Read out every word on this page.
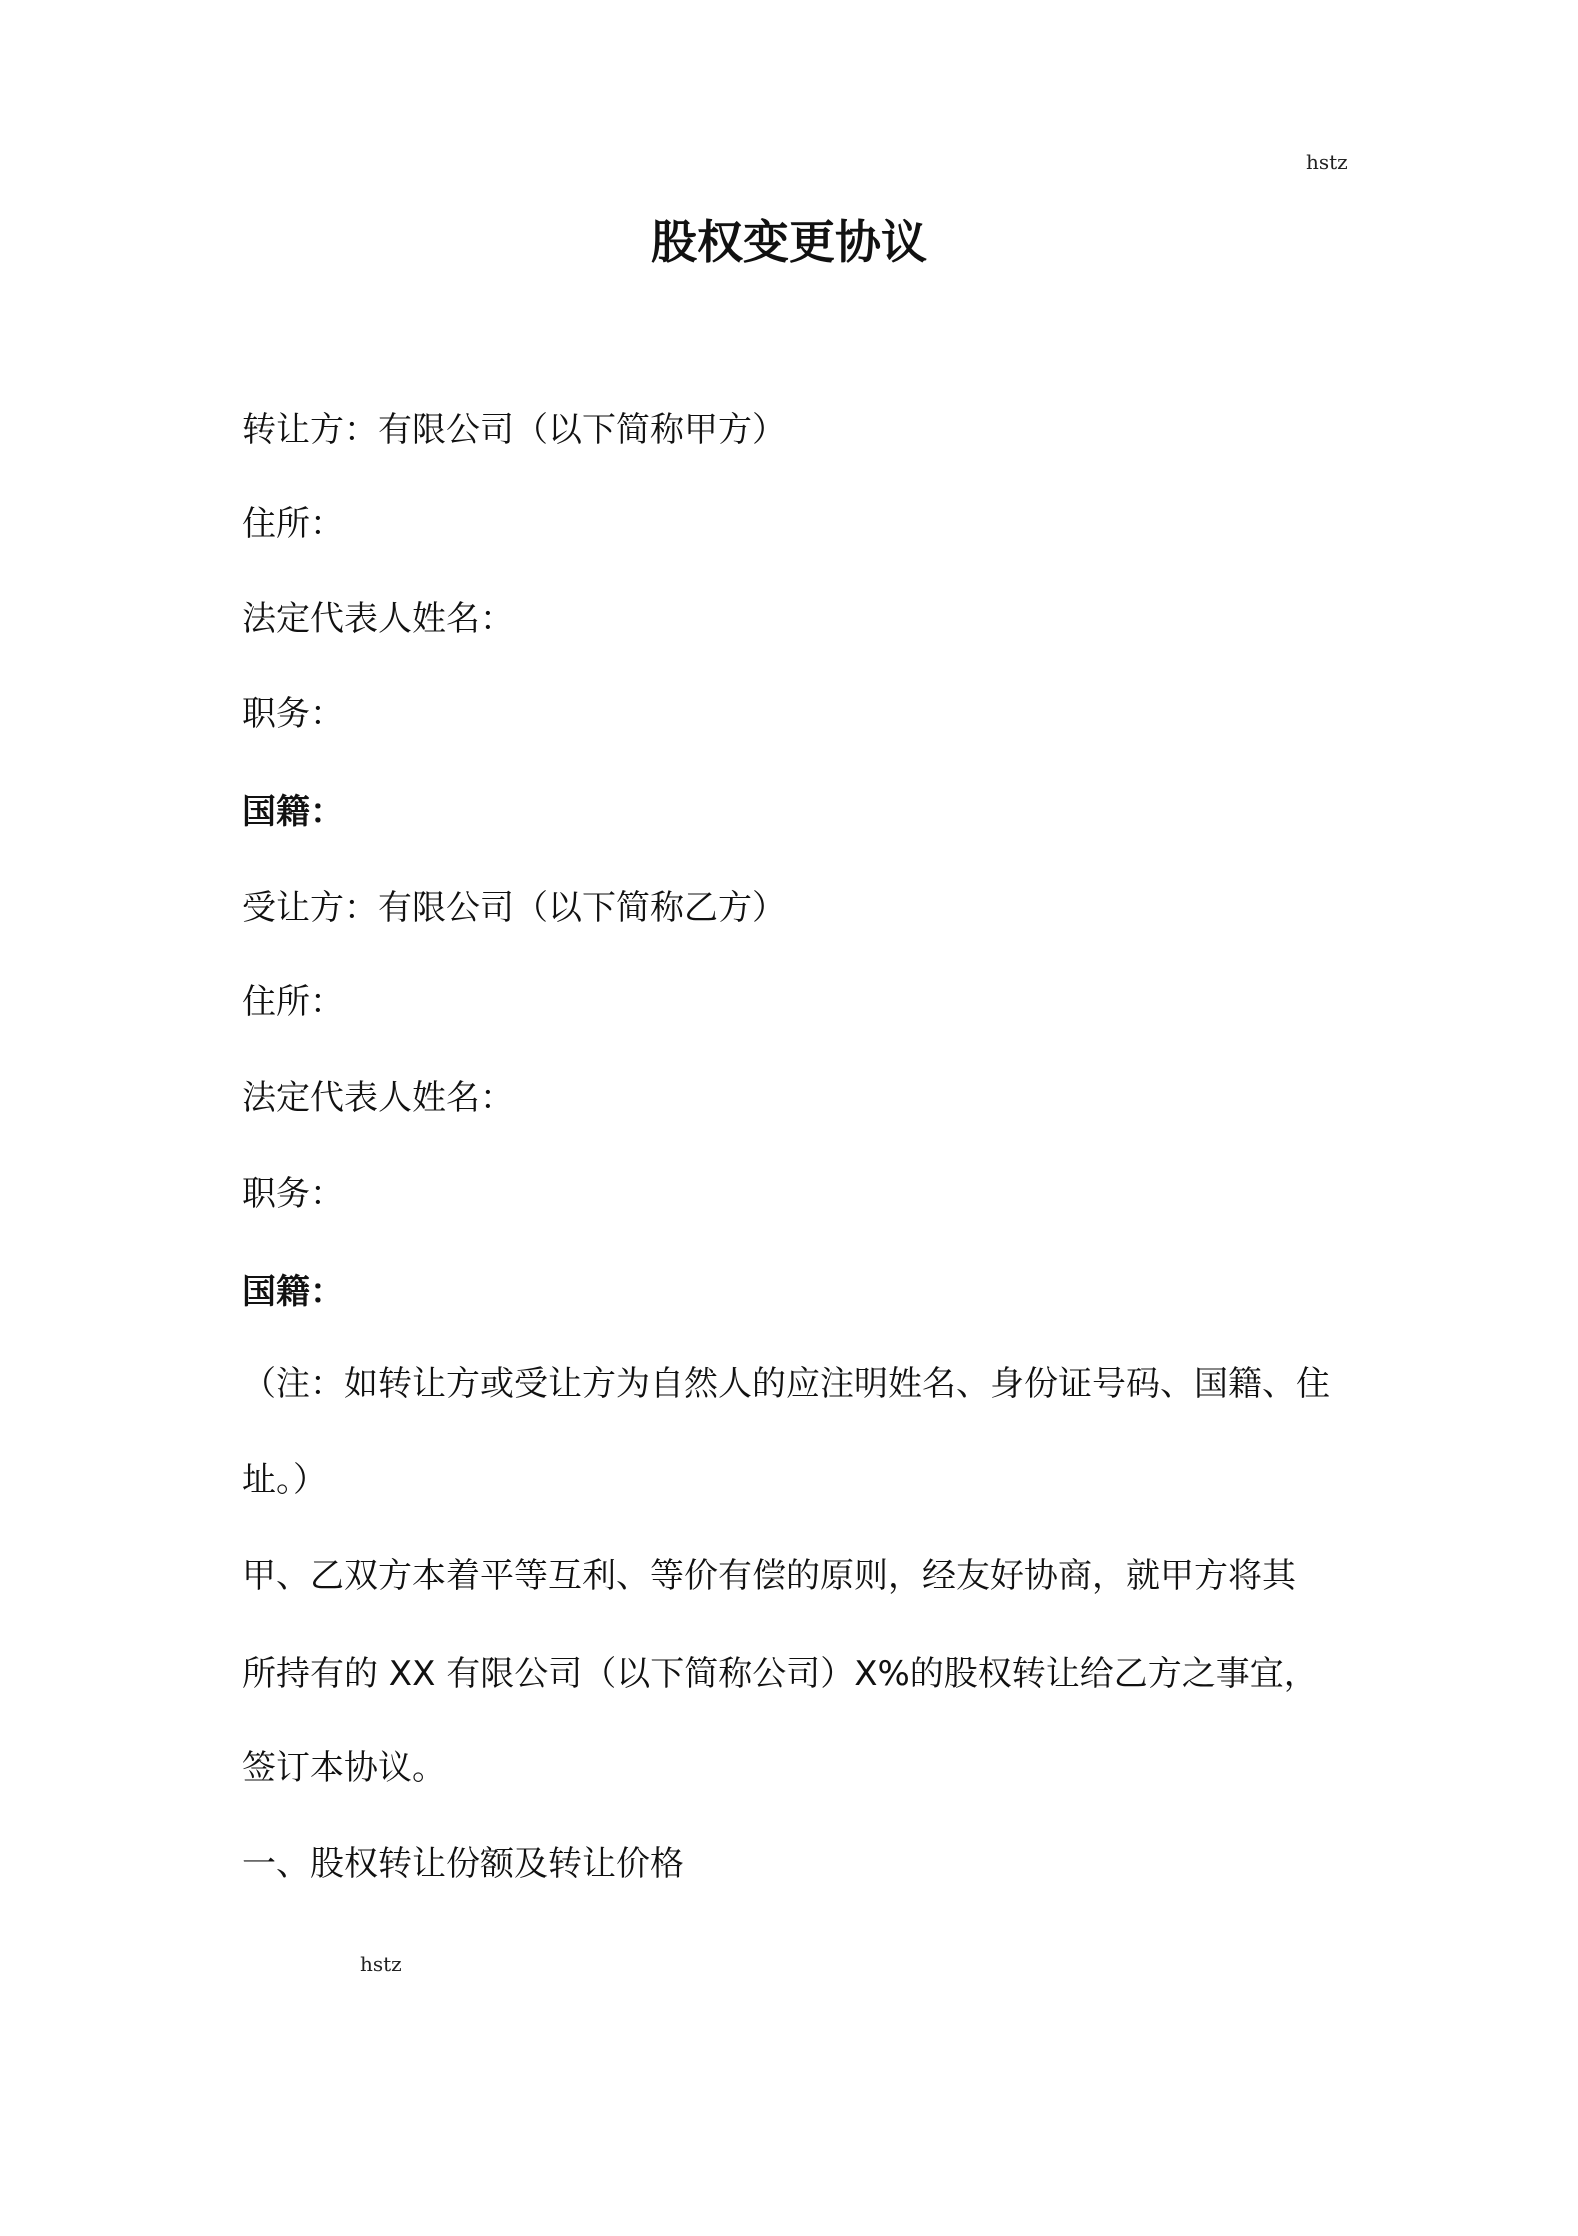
hstz
股权变更协议
转让方：有限公司（以下简称甲方）
住所：
法定代表人姓名：
职务：
国籍：
受让方：有限公司（以下简称乙方）
住所：
法定代表人姓名：
职务：
国籍：
（注：如转让方或受让方为自然人的应注明姓名、身份证号码、国籍、住
址。）
甲、乙双方本着平等互利、等价有偿的原则，经友好协商，就甲方将其
所持有的 XX 有限公司（以下简称公司）X%的股权转让给乙方之事宜，
签订本协议。
一、股权转让份额及转让价格
hstz
